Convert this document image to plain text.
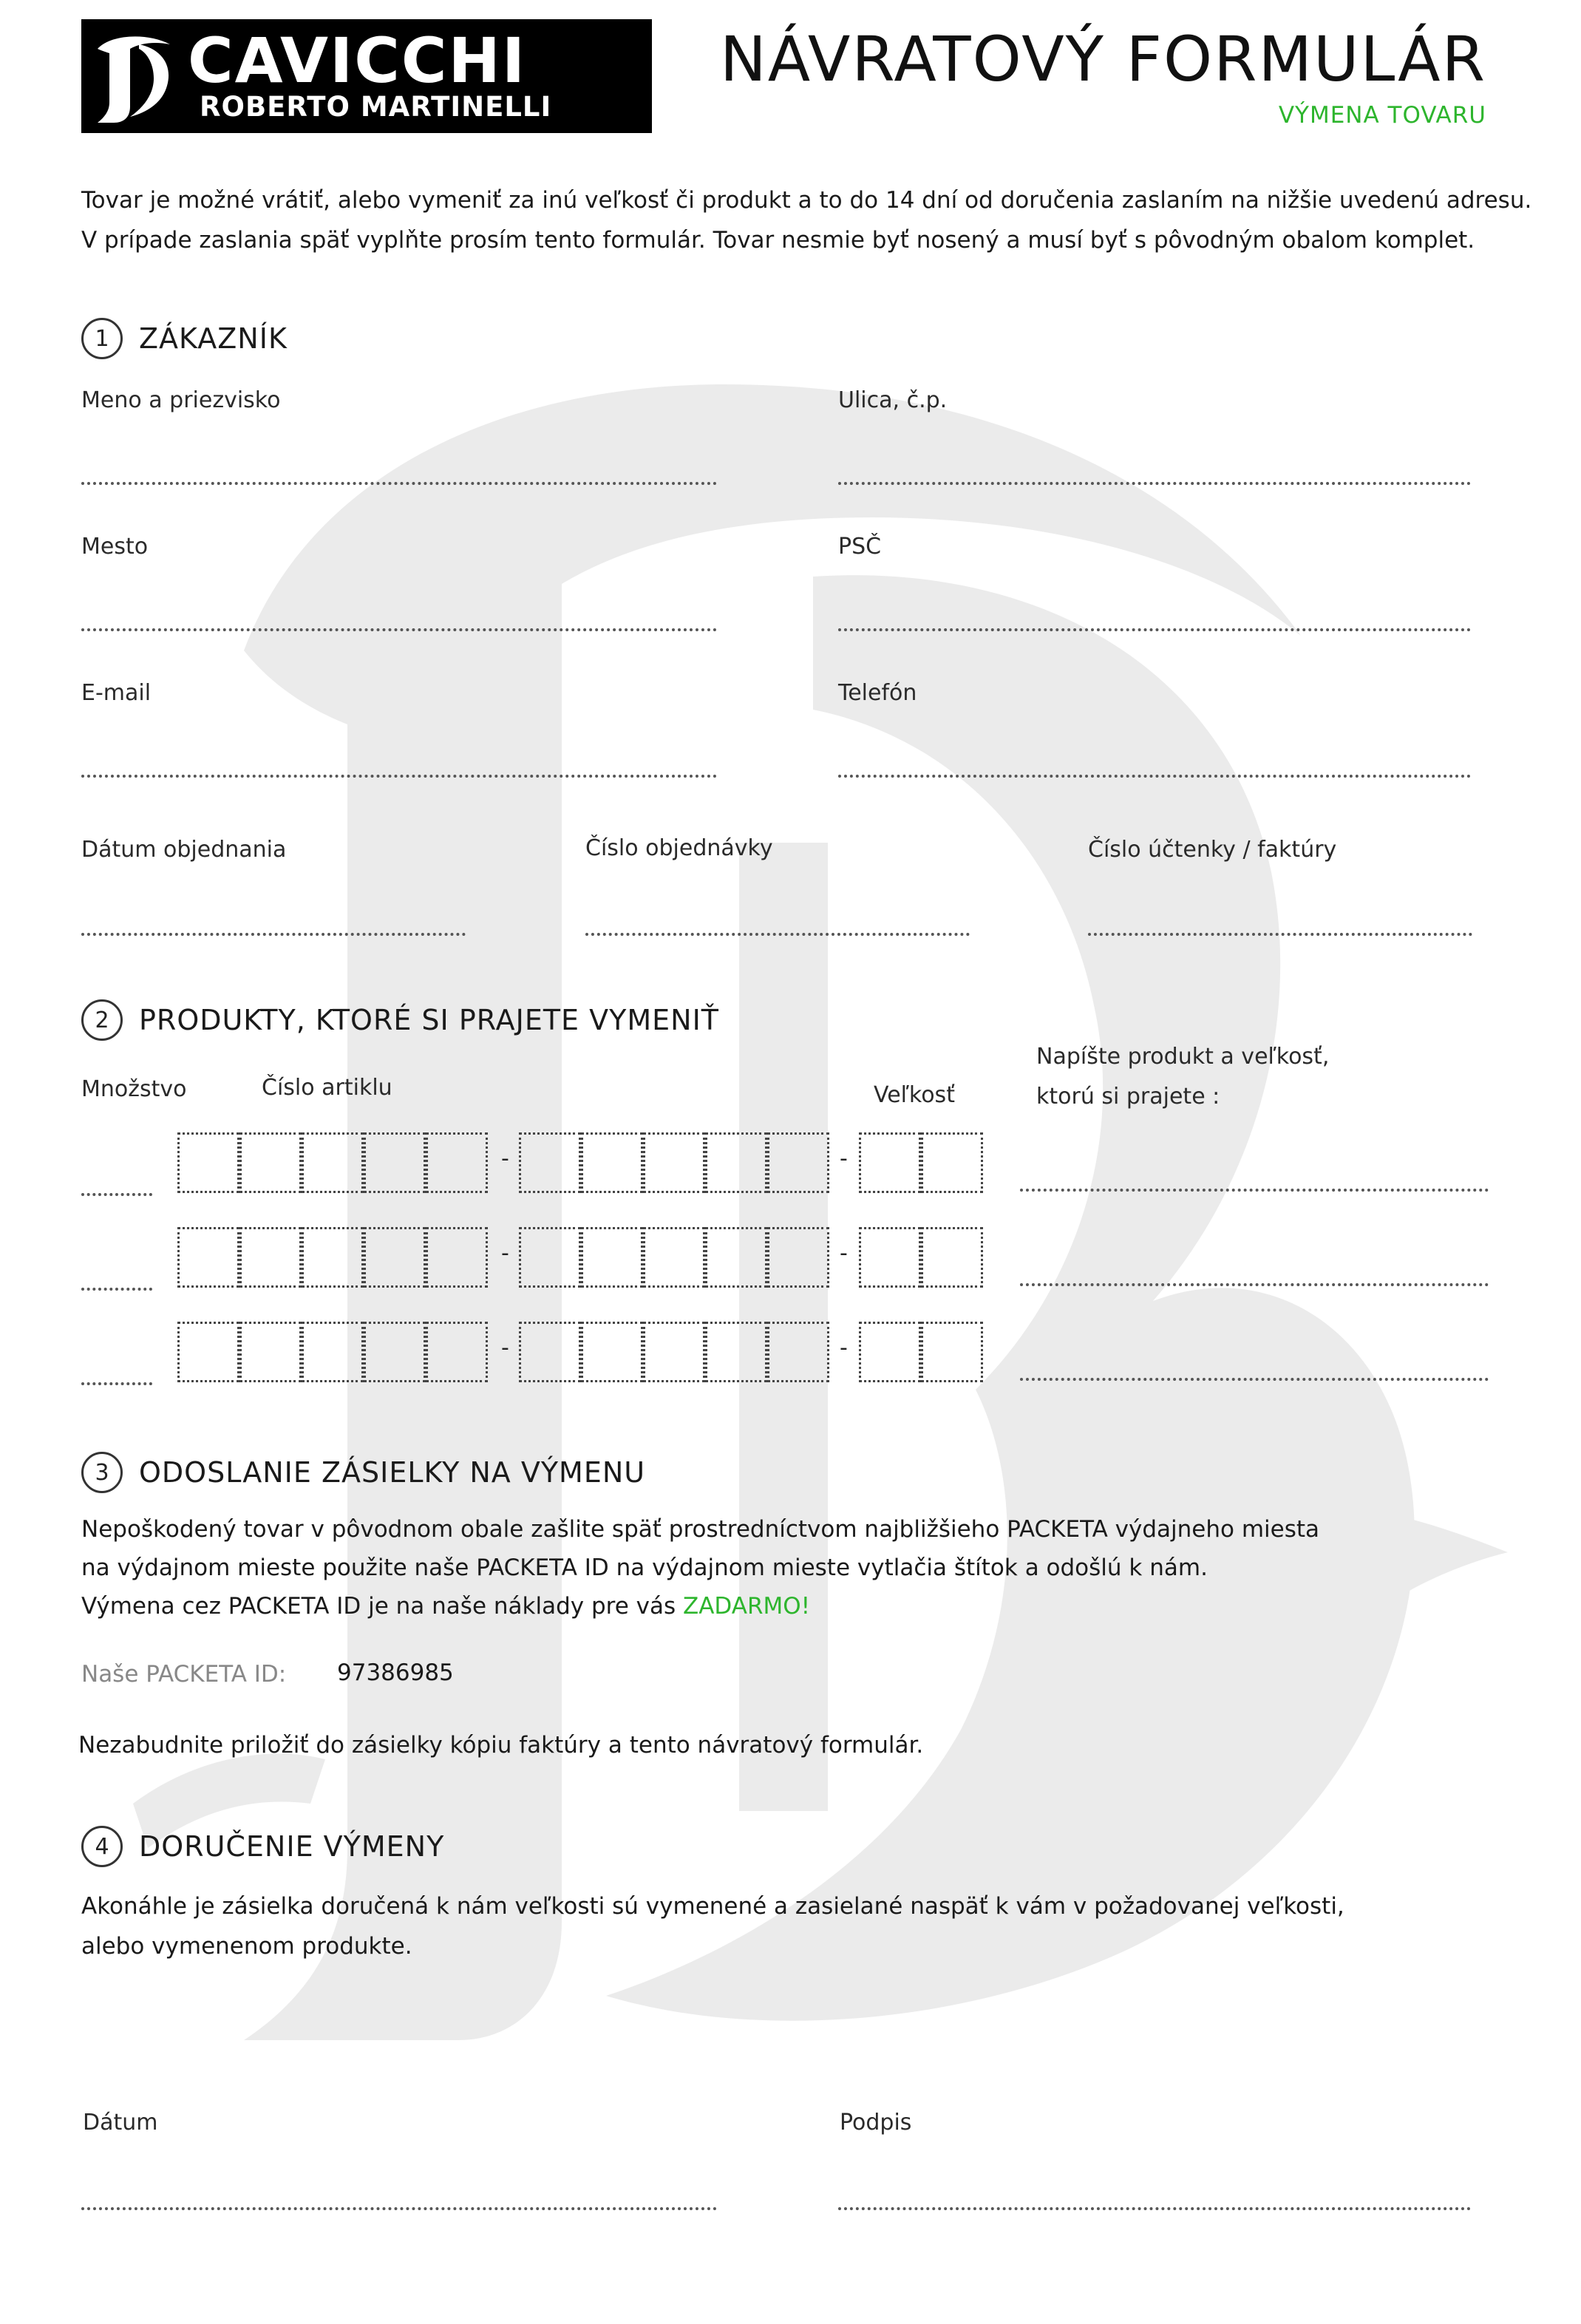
CAVICCHI
ROBERTO MARTINELLI
NÁVRATOVÝ FORMULÁR
VÝMENA TOVARU
Tovar je možné vrátiť, alebo vymeniť za inú veľkosť či produkt a to do 14 dní od doručenia zaslaním na nižšie uvedenú adresu.
V prípade zaslania späť vyplňte prosím tento formulár. Tovar nesmie byť nosený a musí byť s pôvodným obalom komplet.
1	ZÁKAZNÍK
Meno a priezvisko	Ulica, č.p.
Mesto	PSČ
E-mail	Telefón
Dátum objednania	Číslo objednávky	Číslo účtenky / faktúry
2	PRODUKTY, KTORÉ SI PRAJETE VYMENIŤ
Množstvo	Číslo artiklu	Veľkosť
Napíšte produkt a veľkosť,
ktorú si prajete :
-	-
-	-
-	-
3	ODOSLANIE ZÁSIELKY NA VÝMENU
Nepoškodený tovar v pôvodnom obale zašlite späť prostredníctvom najbližšieho PACKETA výdajneho miesta
na výdajnom mieste použite naše PACKETA ID na výdajnom mieste vytlačia štítok a odošlú k nám.
Výmena cez PACKETA ID je na naše náklady pre vás ZADARMO!
Naše PACKETA ID: 97386985
Nezabudnite priložiť do zásielky kópiu faktúry a tento návratový formulár.
4	DORUČENIE VÝMENY
Akonáhle je zásielka doručená k nám veľkosti sú vymenené a zasielané naspäť k vám v požadovanej veľkosti,
alebo vymenenom produkte.
Dátum	Podpis
